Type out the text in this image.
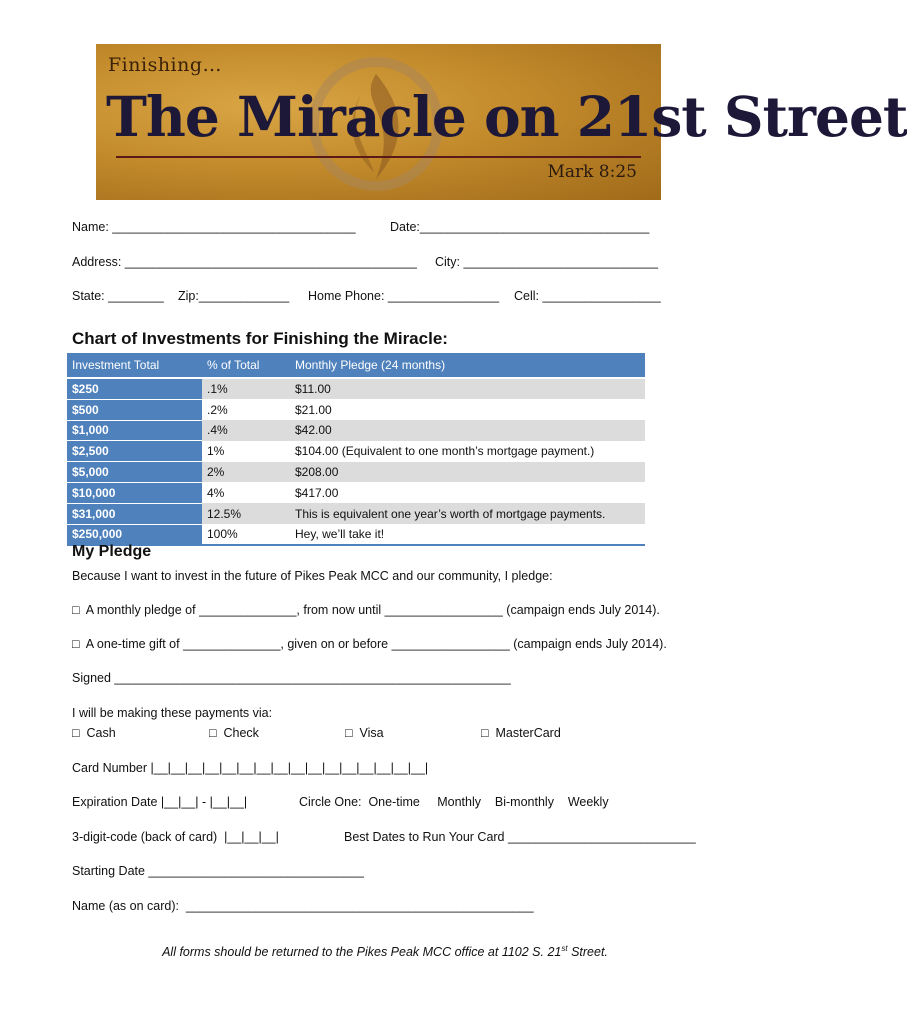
Finishing…
The Miracle on 21st Street
Mark 8:25
Name: ___________________________________	Date:_________________________________
Address: __________________________________________ City: ____________________________
State: ________ Zip:_____________ Home Phone: ________________ Cell: _________________
Chart of Investments for Finishing the Miracle:
Investment Total	% of Total	Monthly Pledge (24 months)
$250	.1%	$11.00
$500	.2%	$21.00
$1,000	.4%	$42.00
$2,500	1%	$104.00 (Equivalent to one month’s mortgage payment.)
$5,000	2%	$208.00
$10,000	4%	$417.00
$31,000	12.5%	This is equivalent one year’s worth of mortgage payments.
$250,000	100%	Hey, we’ll take it!
My Pledge
Because I want to invest in the future of Pikes Peak MCC and our community, I pledge:
□  A monthly pledge of ______________, from now until _________________ (campaign ends July 2014).
□  A one-time gift of ______________, given on or before _________________ (campaign ends July 2014).
Signed _________________________________________________________
I will be making these payments via:
□  Cash	□  Check	□  Visa	□  MasterCard
Card Number |__|__|__|__|__|__|__|__|__|__|__|__|__|__|__|__|
Expiration Date |__|__| - |__|__|	Circle One:  One-time     Monthly    Bi-monthly    Weekly
3-digit-code (back of card)  |__|__|__|	Best Dates to Run Your Card ___________________________
Starting Date _______________________________
Name (as on card):  __________________________________________________
All forms should be returned to the Pikes Peak MCC office at 1102 S. 21st Street.
